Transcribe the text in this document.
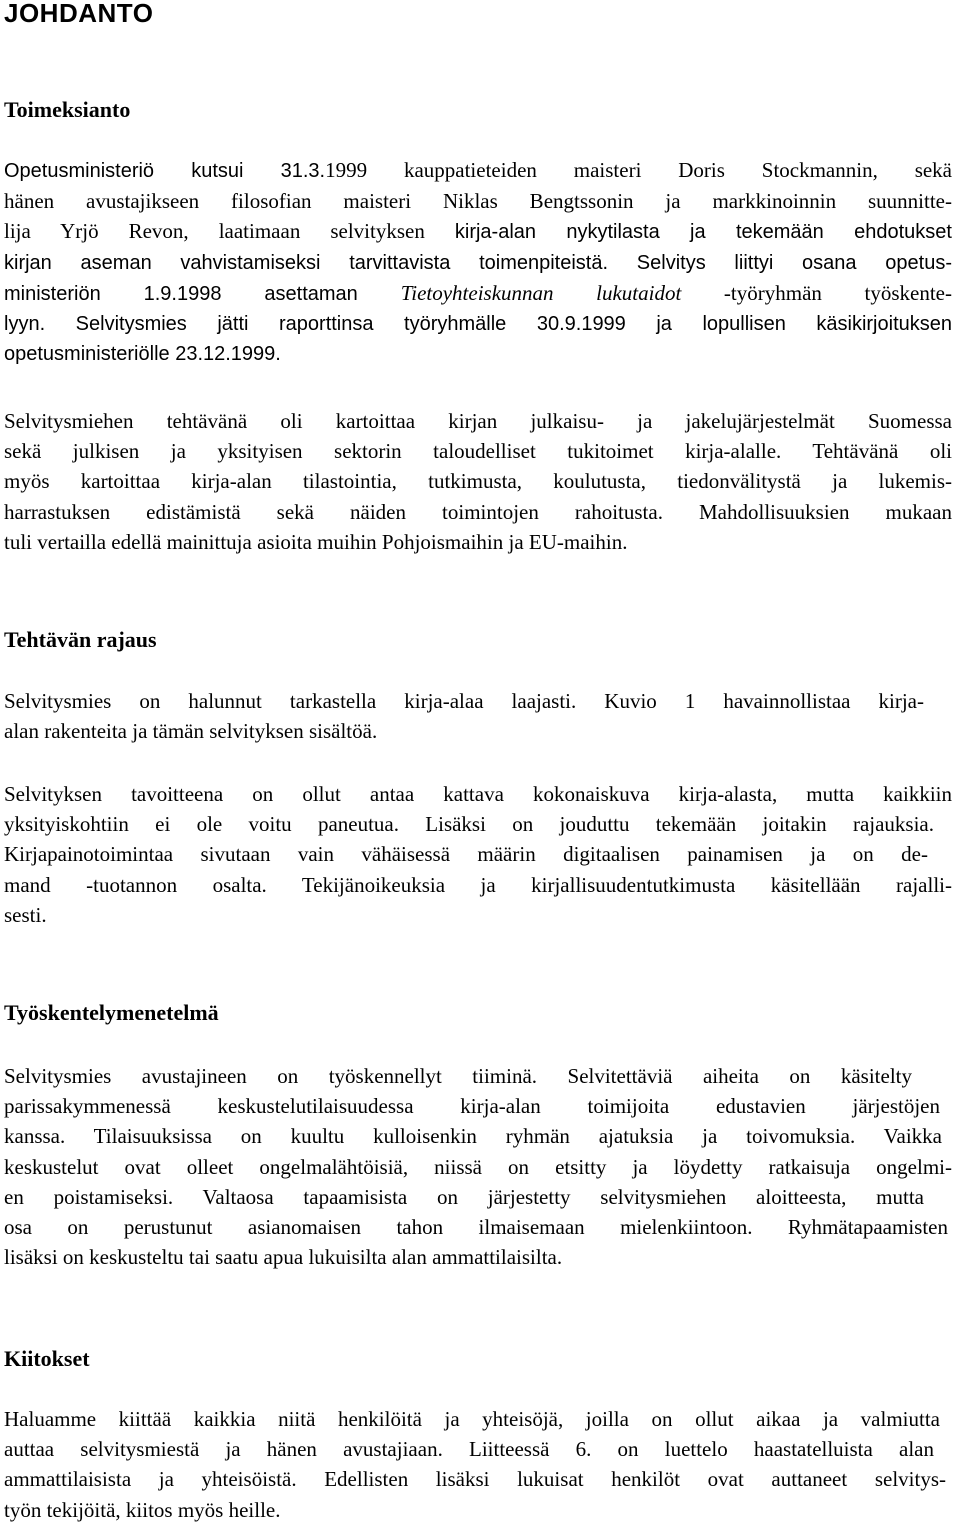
JOHDANTO
Toimeksianto
Opetusministeriö kutsui 31.3.1999 kauppatieteiden maisteri Doris Stockmannin, sekä
hänen avustajikseen filosofian maisteri Niklas Bengtssonin ja markkinoinnin suunnitte-
lija Yrjö Revon, laatimaan selvityksen kirja-alan nykytilasta ja tekemään ehdotukset
kirjan aseman vahvistamiseksi tarvittavista toimenpiteistä. Selvitys liittyi osana opetus-
ministeriön 1.9.1998 asettaman Tietoyhteiskunnan lukutaidot -työryhmän työskente-
lyyn. Selvitysmies jätti raporttinsa työryhmälle 30.9.1999 ja lopullisen käsikirjoituksen
opetusministeriölle 23.12.1999.
Selvitysmiehen tehtävänä oli kartoittaa kirjan julkaisu- ja jakelujärjestelmät Suomessa
sekä julkisen ja yksityisen sektorin taloudelliset tukitoimet kirja-alalle. Tehtävänä oli
myös kartoittaa kirja-alan tilastointia, tutkimusta, koulutusta, tiedonvälitystä ja lukemis-
harrastuksen edistämistä sekä näiden toimintojen rahoitusta. Mahdollisuuksien mukaan
tuli vertailla edellä mainittuja asioita muihin Pohjoismaihin ja EU-maihin.
Tehtävän rajaus
Selvitysmies on halunnut tarkastella kirja-alaa laajasti. Kuvio 1 havainnollistaa kirja-
alan rakenteita ja tämän selvityksen sisältöä.
Selvityksen tavoitteena on ollut antaa kattava kokonaiskuva kirja-alasta, mutta kaikkiin
yksityiskohtiin ei ole voitu paneutua. Lisäksi on jouduttu tekemään joitakin rajauksia.
Kirjapainotoimintaa sivutaan vain vähäisessä määrin digitaalisen painamisen ja on de-
mand -tuotannon osalta. Tekijänoikeuksia ja kirjallisuudentutkimusta käsitellään rajalli-
sesti.
Työskentelymenetelmä
Selvitysmies avustajineen on työskennellyt tiiminä. Selvitettäviä aiheita on käsitelty
parissakymmenessä keskustelutilaisuudessa kirja-alan toimijoita edustavien järjestöjen
kanssa. Tilaisuuksissa on kuultu kulloisenkin ryhmän ajatuksia ja toivomuksia. Vaikka
keskustelut ovat olleet ongelmalähtöisiä, niissä on etsitty ja löydetty ratkaisuja ongelmi-
en poistamiseksi. Valtaosa tapaamisista on järjestetty selvitysmiehen aloitteesta, mutta
osa on perustunut asianomaisen tahon ilmaisemaan mielenkiintoon. Ryhmätapaamisten
lisäksi on keskusteltu tai saatu apua lukuisilta alan ammattilaisilta.
Kiitokset
Haluamme kiittää kaikkia niitä henkilöitä ja yhteisöjä, joilla on ollut aikaa ja valmiutta
auttaa selvitysmiestä ja hänen avustajiaan. Liitteessä 6. on luettelo haastatelluista alan
ammattilaisista ja yhteisöistä. Edellisten lisäksi lukuisat henkilöt ovat auttaneet selvitys-
työn tekijöitä, kiitos myös heille.
